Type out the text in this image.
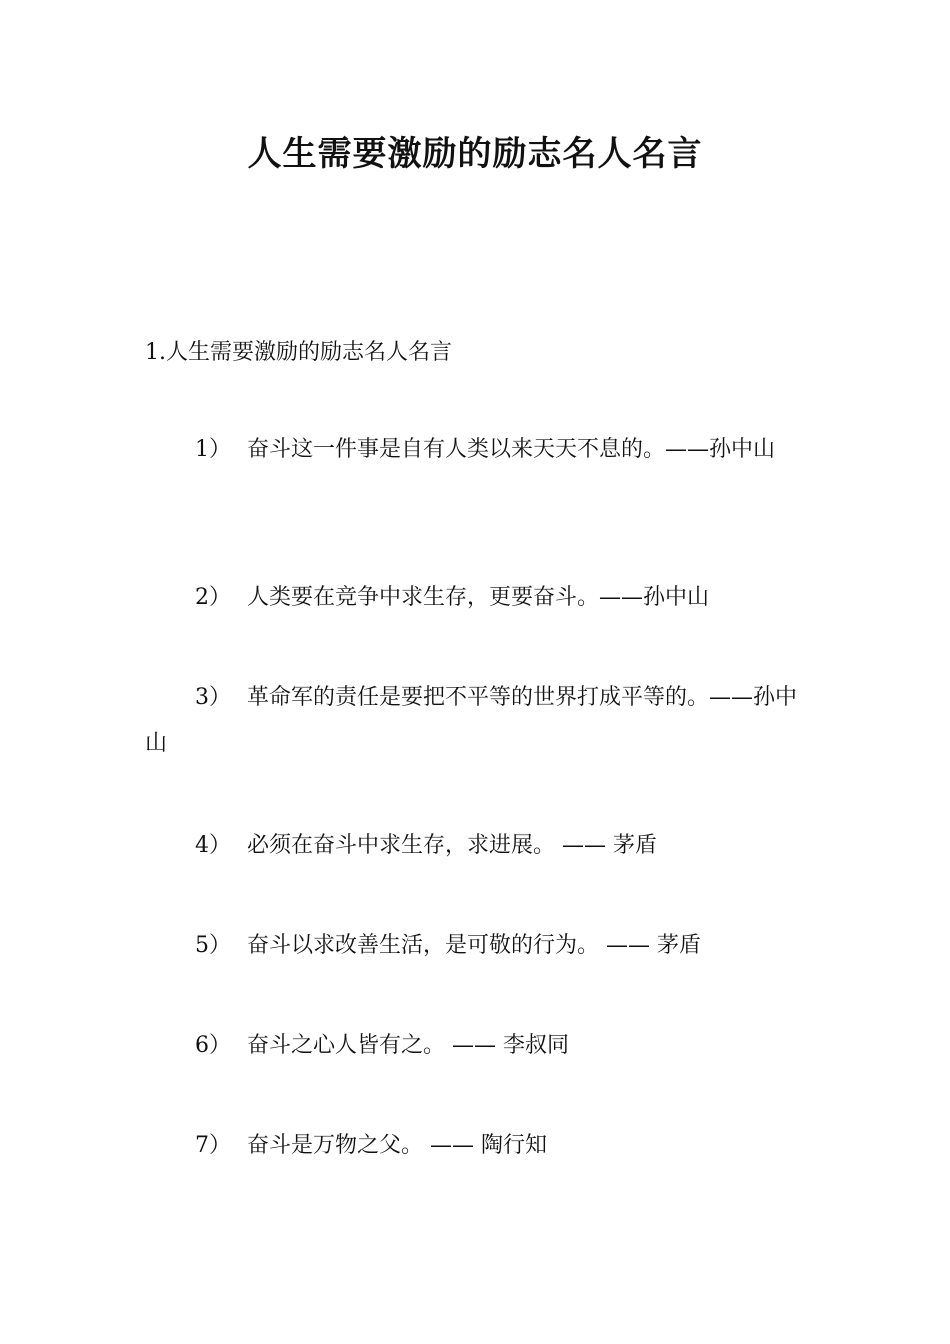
人生需要激励的励志名人名言

1.人生需要激励的励志名人名言

1） 奋斗这一件事是自有人类以来天天不息的。——孙中山

2） 人类要在竞争中求生存，更要奋斗。——孙中山

3） 革命军的责任是要把不平等的世界打成平等的。——孙中山

4） 必须在奋斗中求生存，求进展。 —— 茅盾

5） 奋斗以求改善生活，是可敬的行为。 —— 茅盾

6） 奋斗之心人皆有之。 —— 李叔同

7） 奋斗是万物之父。 —— 陶行知
